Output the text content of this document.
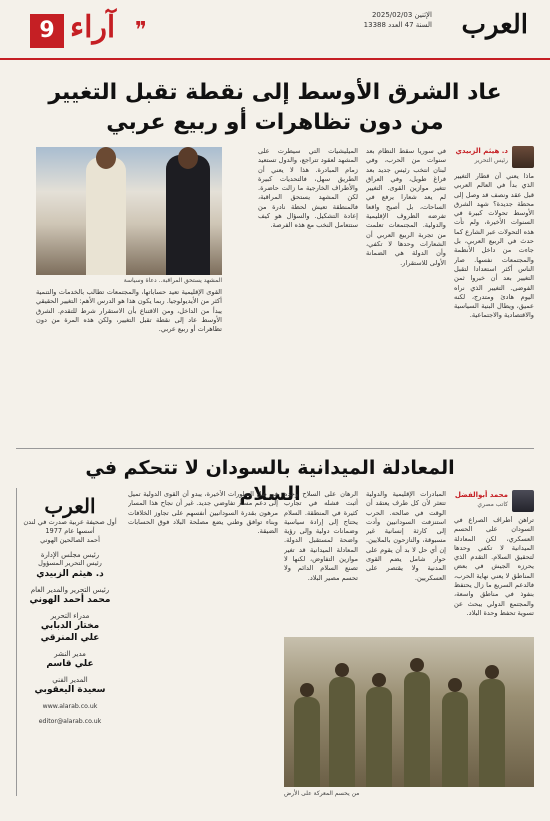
العرب
الإثنين 2025/02/03
السنة 47 العدد 13388
❞
آراء
9
عاد الشرق الأوسط إلى نقطة تقبل التغيير
من دون تظاهرات أو ربيع عربي
د. هيثم الزبيدي
رئيس التحرير

ماذا يعني أن قطار التغيير الذي بدأ في العالم العربي قبل عقد ونصف قد وصل إلى محطة جديدة؟ شهد الشرق الأوسط تحولات كبيرة في السنوات الأخيرة، ولم تأت هذه التحولات عبر الشارع كما حدث في الربيع العربي، بل جاءت من داخل الأنظمة والمجتمعات نفسها. صار الناس أكثر استعدادا لتقبل التغيير بعد أن خبروا ثمن الفوضى. التغيير الذي نراه اليوم هادئ ومتدرج، لكنه عميق، ويطال البنية السياسية والاقتصادية والاجتماعية.

في سوريا سقط النظام بعد سنوات من الحرب، وفي لبنان انتخب رئيس جديد بعد فراغ طويل، وفي العراق تتغير موازين القوى. التغيير لم يعد شعارا يرفع في الساحات، بل أصبح واقعا تفرضه الظروف الإقليمية والدولية. المجتمعات تعلمت من تجربة الربيع العربي أن الشعارات وحدها لا تكفي، وأن الدولة هي الضمانة الأولى للاستقرار.

الميليشيات التي سيطرت على المشهد لعقود تتراجع، والدول تستعيد زمام المبادرة. هذا لا يعني أن الطريق سهل، فالتحديات كبيرة والأطراف الخارجية ما زالت حاضرة. لكن المشهد يستحق المراقبة، فالمنطقة تعيش لحظة نادرة من إعادة التشكيل. والسؤال هو كيف ستتعامل النخب مع هذه الفرصة.

القوى الإقليمية تعيد حساباتها، والمجتمعات تطالب بالخدمات والتنمية أكثر من الأيديولوجيا. ربما يكون هذا هو الدرس الأهم: التغيير الحقيقي يبدأ من الداخل، ومن الاقتناع بأن الاستقرار شرط للتقدم. الشرق الأوسط عاد إلى نقطة تقبل التغيير، ولكن هذه المرة من دون تظاهرات أو ربيع عربي.

المشهد يستحق المراقبة.. دعاة وسياسة
المعادلة الميدانية بالسودان لا تتحكم في السلام	محمد أبوالفضل
كاتب مصري

تراهن أطراف الصراع في السودان على الحسم العسكري، لكن المعادلة الميدانية لا تكفي وحدها لتحقيق السلام. التقدم الذي يحرزه الجيش في بعض المناطق لا يعني نهاية الحرب، فالدعم السريع ما زال يحتفظ بنفوذ في مناطق واسعة، والمجتمع الدولي يبحث عن تسوية تحفظ وحدة البلاد.

المبادرات الإقليمية والدولية تتعثر لأن كل طرف يعتقد أن الوقت في صالحه. الحرب استنزفت السودانيين وأدت إلى كارثة إنسانية غير مسبوقة، والنازحون بالملايين. إن أي حل لا بد أن يقوم على حوار شامل يضم القوى المدنية ولا يقتصر على العسكريين.

الرهان على السلاح وحده أثبت فشله في تجارب كثيرة في المنطقة. السلام يحتاج إلى إرادة سياسية وضمانات دولية وإلى رؤية واضحة لمستقبل الدولة. المعادلة الميدانية قد تغير موازين التفاوض، لكنها لا تصنع السلام الدائم ولا تحسم مصير البلاد.

في ظل التطورات الأخيرة، يبدو أن القوى الدولية تميل إلى دعم مسار تفاوضي جديد. غير أن نجاح هذا المسار مرهون بقدرة السودانيين أنفسهم على تجاوز الخلافات وبناء توافق وطني يضع مصلحة البلاد فوق الحسابات الضيقة.

من يحسم المعركة على الأرض
العرب
أول صحيفة عربية صدرت في لندن
أسسها عام 1977
أحمد الصالحين الهوني
رئيس مجلس الإدارة
رئيس التحرير المسؤول
د. هيثم الزبيدي
رئيس التحرير والمدير العام
محمد أحمد الهوني
مدراء التحرير
مختار الدبابي
علي المنرقي
مدير النشر
علي قاسم
المدير الفني
سعيدة اليعقوبي
www.alarab.co.uk
editor@alarab.co.uk
